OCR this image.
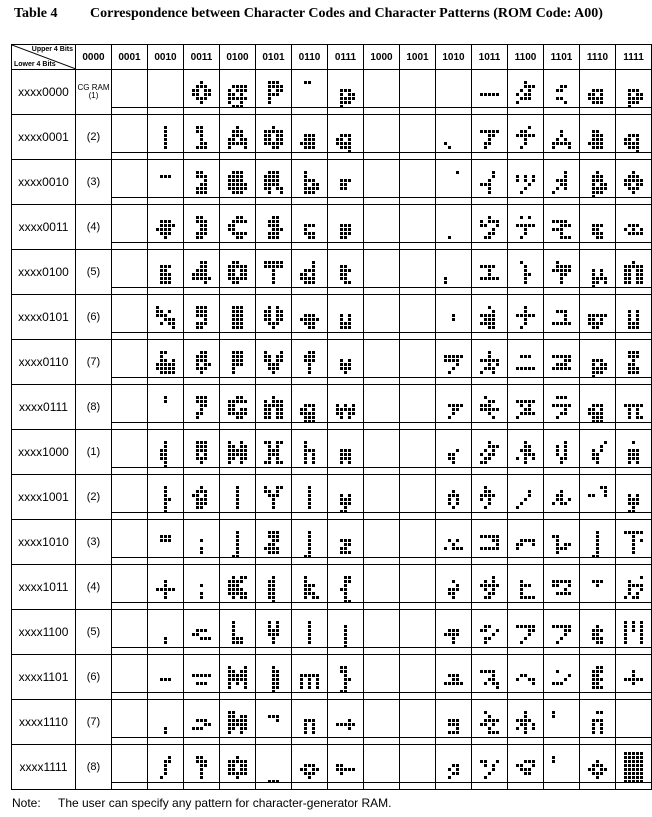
Table 4 Correspondence between Character Codes and Character Patterns (ROM Code: A00)
Upper 4 Bits
Lower 4 Bits	0000	0001	0010	0011	0100	0101	0110	0111	1000	1001	1010	1011	1100	1101	1110	1111
xxxx0000	CG RAM (1)	

xxxx0001	(2)	

xxxx0010	(3)	

xxxx0011	(4)	

xxxx0100	(5)	

xxxx0101	(6)	

xxxx0110	(7)	

xxxx0111	(8)	

xxxx1000	(1)	

xxxx1001	(2)	

xxxx1010	(3)	

xxxx1011	(4)	

xxxx1100	(5)	

xxxx1101	(6)	

xxxx1110	(7)	

xxxx1111	(8)	

Note: The user can specify any pattern for character-generator RAM.
